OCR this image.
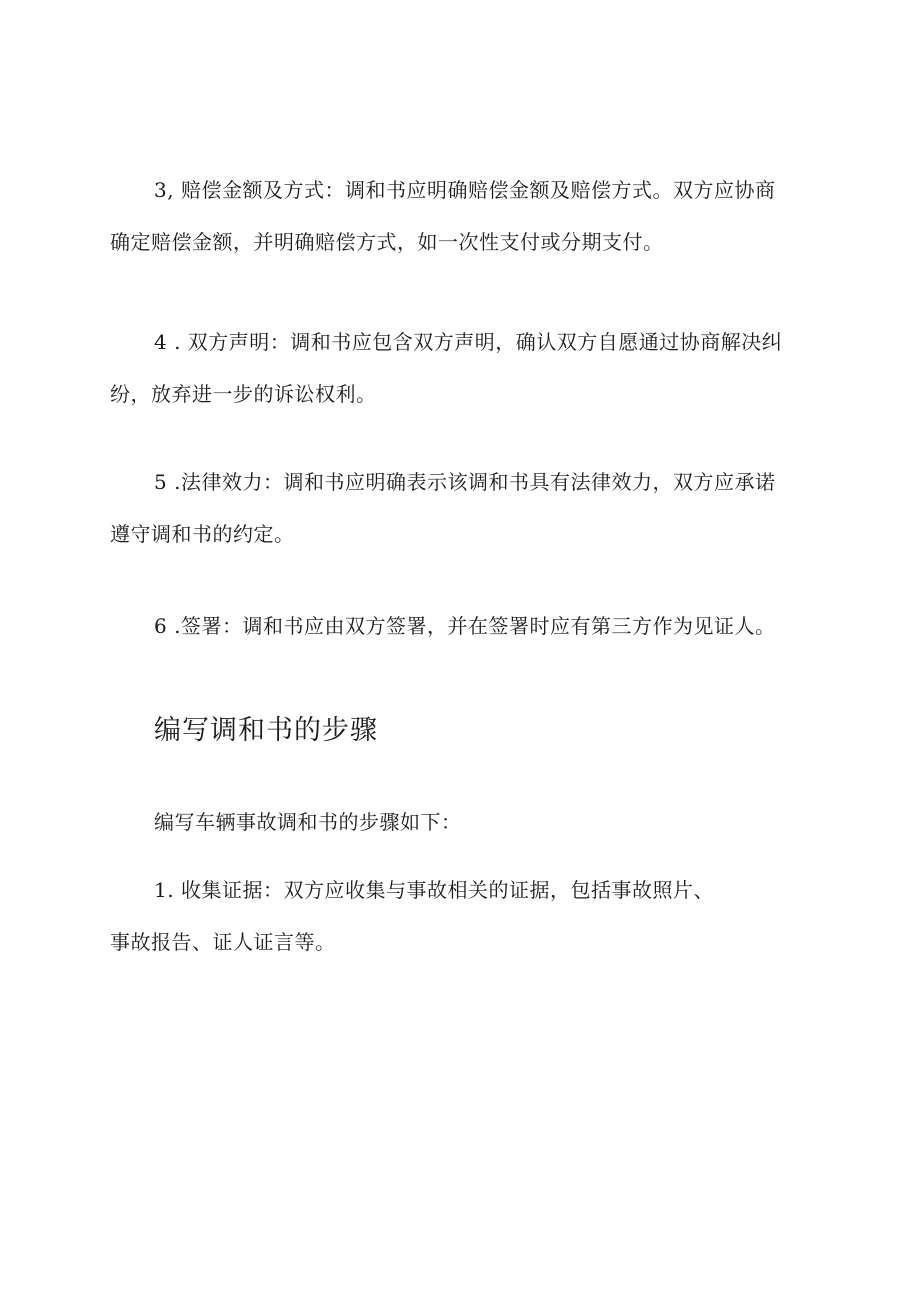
3, 赔偿金额及方式：调和书应明确赔偿金额及赔偿方式。双方应协商
确定赔偿金额，并明确赔偿方式，如一次性支付或分期支付。

4 . 双方声明：调和书应包含双方声明，确认双方自愿通过协商解决纠
纷，放弃进一步的诉讼权利。

5 .法律效力：调和书应明确表示该调和书具有法律效力，双方应承诺
遵守调和书的约定。

6 .签署：调和书应由双方签署，并在签署时应有第三方作为见证人。

编写调和书的步骤

编写车辆事故调和书的步骤如下：

1. 收集证据：双方应收集与事故相关的证据，包括事故照片、
事故报告、证人证言等。
